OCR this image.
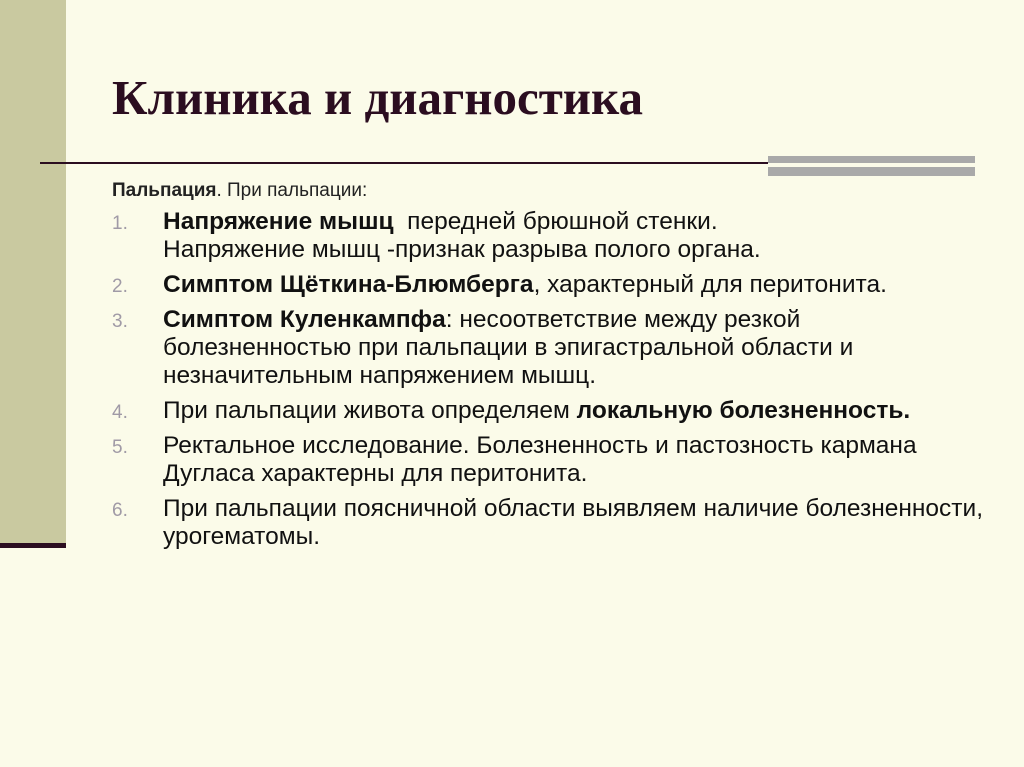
Клиника и диагностика

Пальпация. При пальпации:

1. Напряжение мышц  передней брюшной стенки.
Напряжение мышц -признак разрыва полого органа.
2. Симптом Щёткина-Блюмберга, характерный для перитонита.
3. Симптом Куленкампфа: несоответствие между резкой болезненностью при пальпации в эпигастральной области и незначительным напряжением мышц.
4. При пальпации живота определяем локальную болезненность.
5. Ректальное исследование. Болезненность и пастозность кармана Дугласа характерны для перитонита.
6. При пальпации поясничной области выявляем наличие болезненности, урогематомы.
